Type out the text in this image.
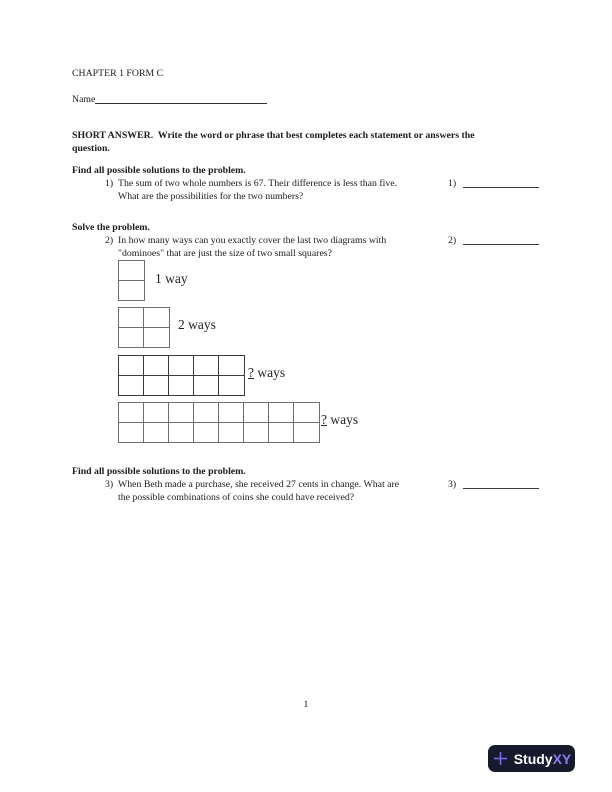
CHAPTER 1 FORM C
Name
SHORT ANSWER.  Write the word or phrase that best completes each statement or answers the
question.
Find all possible solutions to the problem.
1) The sum of two whole numbers is 67. Their difference is less than five.
What are the possibilities for the two numbers?
1)
Solve the problem.
2) In how many ways can you exactly cover the last two diagrams with
"dominoes" that are just the size of two small squares?
2)
1 way
2 ways
? ways
? ways
Find all possible solutions to the problem.
3) When Beth made a purchase, she received 27 cents in change. What are
the possible combinations of coins she could have received?
3)
1
Study XY
